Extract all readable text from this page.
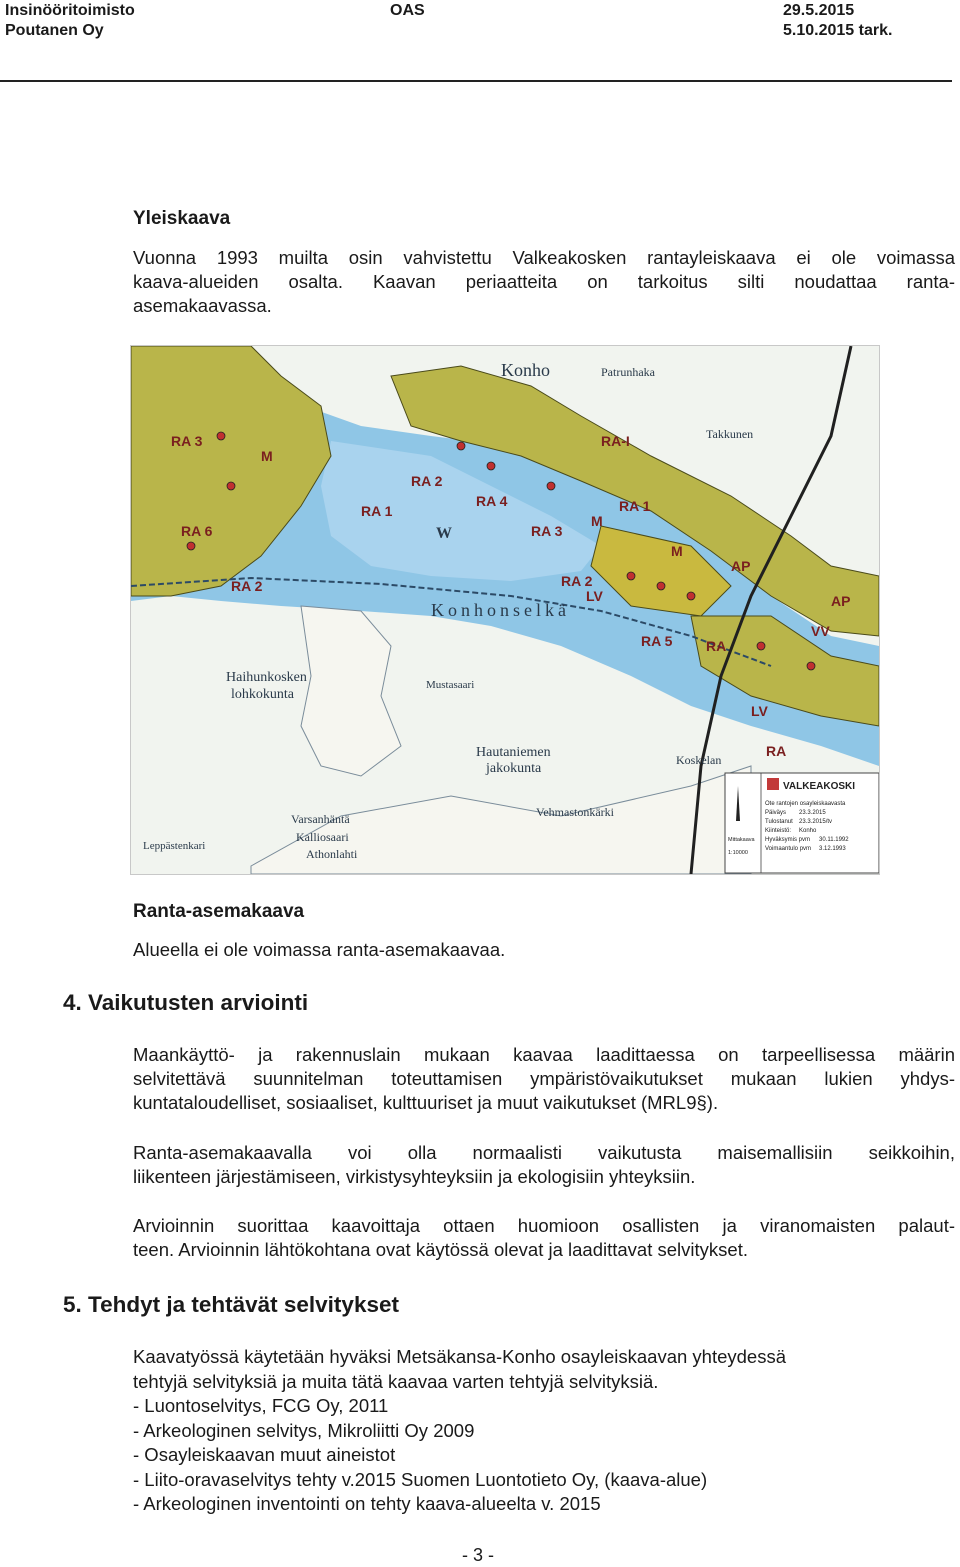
Insinööritoimisto
Poutanen Oy
OAS	29.5.2015
5.10.2015 tark.
Yleiskaava
Vuonna 1993 muilta osin vahvistettu Valkeakosken rantayleiskaava ei ole voimassa
kaava-alueiden osalta. Kaavan periaatteita on tarkoitus silti noudattaa ranta-
asemakaavassa.
RA 3
M
RA 6
RA 1
RA 2
RA 2
RA 4
RA 3
RA 2
LV
M
RA-I
RA 1
M
AP
RA 5 RA
LV
RA
AP
VV
Konho
Konhonselkä
W
Haihunkosken
lohkokunta
Hautaniemen
jakokunta
Patrunhaka
Takkunen
Mustasaari
Varsanhäntä
Kalliosaari
Vehmastonkärki
Koskelan
Athonlahti
Leppästenkari
VALKEAKOSKI
Ote rantojen osayleiskaavasta
Päiväys 23.3.2015
Tulostanut 23.3.2015/tv
Kiinteistö: Konho
Hyväksymis pvm 30.11.1992
Voimaantulo pvm 3.12.1993
Mittakaava
1:10000
Ranta-asemakaava
Alueella ei ole voimassa ranta-asemakaavaa.
4. Vaikutusten arviointi
Maankäyttö- ja rakennuslain mukaan kaavaa laadittaessa on tarpeellisessa määrin
selvitettävä suunnitelman toteuttamisen ympäristövaikutukset mukaan lukien yhdys-
kuntataloudelliset, sosiaaliset, kulttuuriset ja muut vaikutukset (MRL9§).
Ranta-asemakaavalla voi olla normaalisti vaikutusta maisemallisiin seikkoihin,
liikenteen järjestämiseen, virkistysyhteyksiin ja ekologisiin yhteyksiin.
Arvioinnin suorittaa kaavoittaja ottaen huomioon osallisten ja viranomaisten palaut-
teen. Arvioinnin lähtökohtana ovat käytössä olevat ja laadittavat selvitykset.
5. Tehdyt ja tehtävät selvitykset
Kaavatyössä käytetään hyväksi Metsäkansa-Konho osayleiskaavan yhteydessä
tehtyjä selvityksiä ja muita tätä kaavaa varten tehtyjä selvityksiä.
- Luontoselvitys, FCG Oy, 2011
- Arkeologinen selvitys, Mikroliitti Oy 2009
- Osayleiskaavan muut aineistot
- Liito-oravaselvitys tehty v.2015 Suomen Luontotieto Oy, (kaava-alue)
- Arkeologinen inventointi on tehty kaava-alueelta v. 2015
- 3 -
